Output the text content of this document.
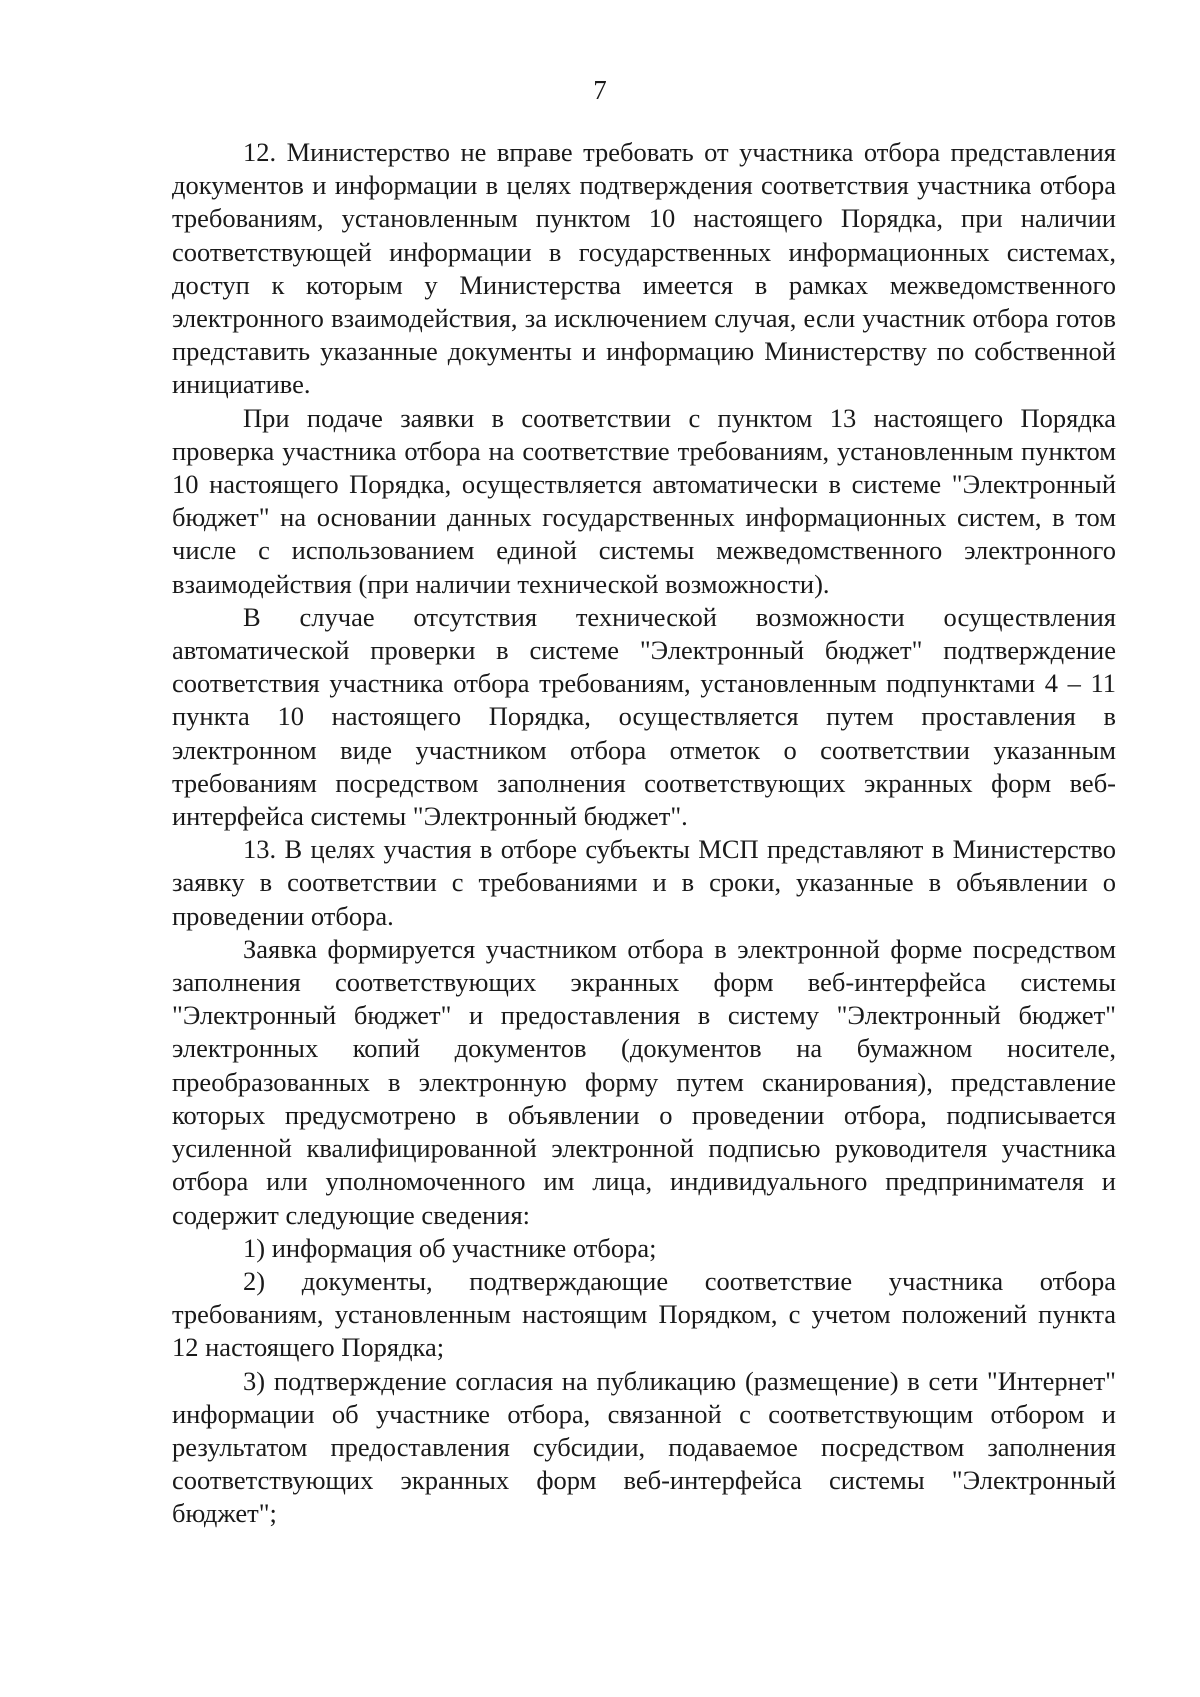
7

12. Министерство не вправе требовать от участника отбора представления документов и информации в целях подтверждения соответствия участника отбора требованиям, установленным пунктом 10 настоящего Порядка, при наличии соответствующей информации в государственных информационных системах, доступ к которым у Министерства имеется в рамках межведомственного электронного взаимодействия, за исключением случая, если участник отбора готов представить указанные документы и информацию Министерству по собственной инициативе.

При подаче заявки в соответствии с пунктом 13 настоящего Порядка проверка участника отбора на соответствие требованиям, установленным пунктом 10 настоящего Порядка, осуществляется автоматически в системе "Электронный бюджет" на основании данных государственных информационных систем, в том числе с использованием единой системы межведомственного электронного взаимодействия (при наличии технической возможности).

В случае отсутствия технической возможности осуществления автоматической проверки в системе "Электронный бюджет" подтверждение соответствия участника отбора требованиям, установленным подпунктами 4 – 11 пункта 10 настоящего Порядка, осуществляется путем проставления в электронном виде участником отбора отметок о соответствии указанным требованиям посредством заполнения соответствующих экранных форм веб-интерфейса системы "Электронный бюджет".

13. В целях участия в отборе субъекты МСП представляют в Министерство заявку в соответствии с требованиями и в сроки, указанные в объявлении о проведении отбора.

Заявка формируется участником отбора в электронной форме посредством заполнения соответствующих экранных форм веб-интерфейса системы "Электронный бюджет" и предоставления в систему "Электронный бюджет" электронных копий документов (документов на бумажном носителе, преобразованных в электронную форму путем сканирования), представление которых предусмотрено в объявлении о проведении отбора, подписывается усиленной квалифицированной электронной подписью руководителя участника отбора или уполномоченного им лица, индивидуального предпринимателя и содержит следующие сведения:

1) информация об участнике отбора;

2) документы, подтверждающие соответствие участника отбора требованиям, установленным настоящим Порядком, с учетом положений пункта 12 настоящего Порядка;

3) подтверждение согласия на публикацию (размещение) в сети "Интернет" информации об участнике отбора, связанной с соответствующим отбором и результатом предоставления субсидии, подаваемое посредством заполнения соответствующих экранных форм веб-интерфейса системы "Электронный бюджет";
